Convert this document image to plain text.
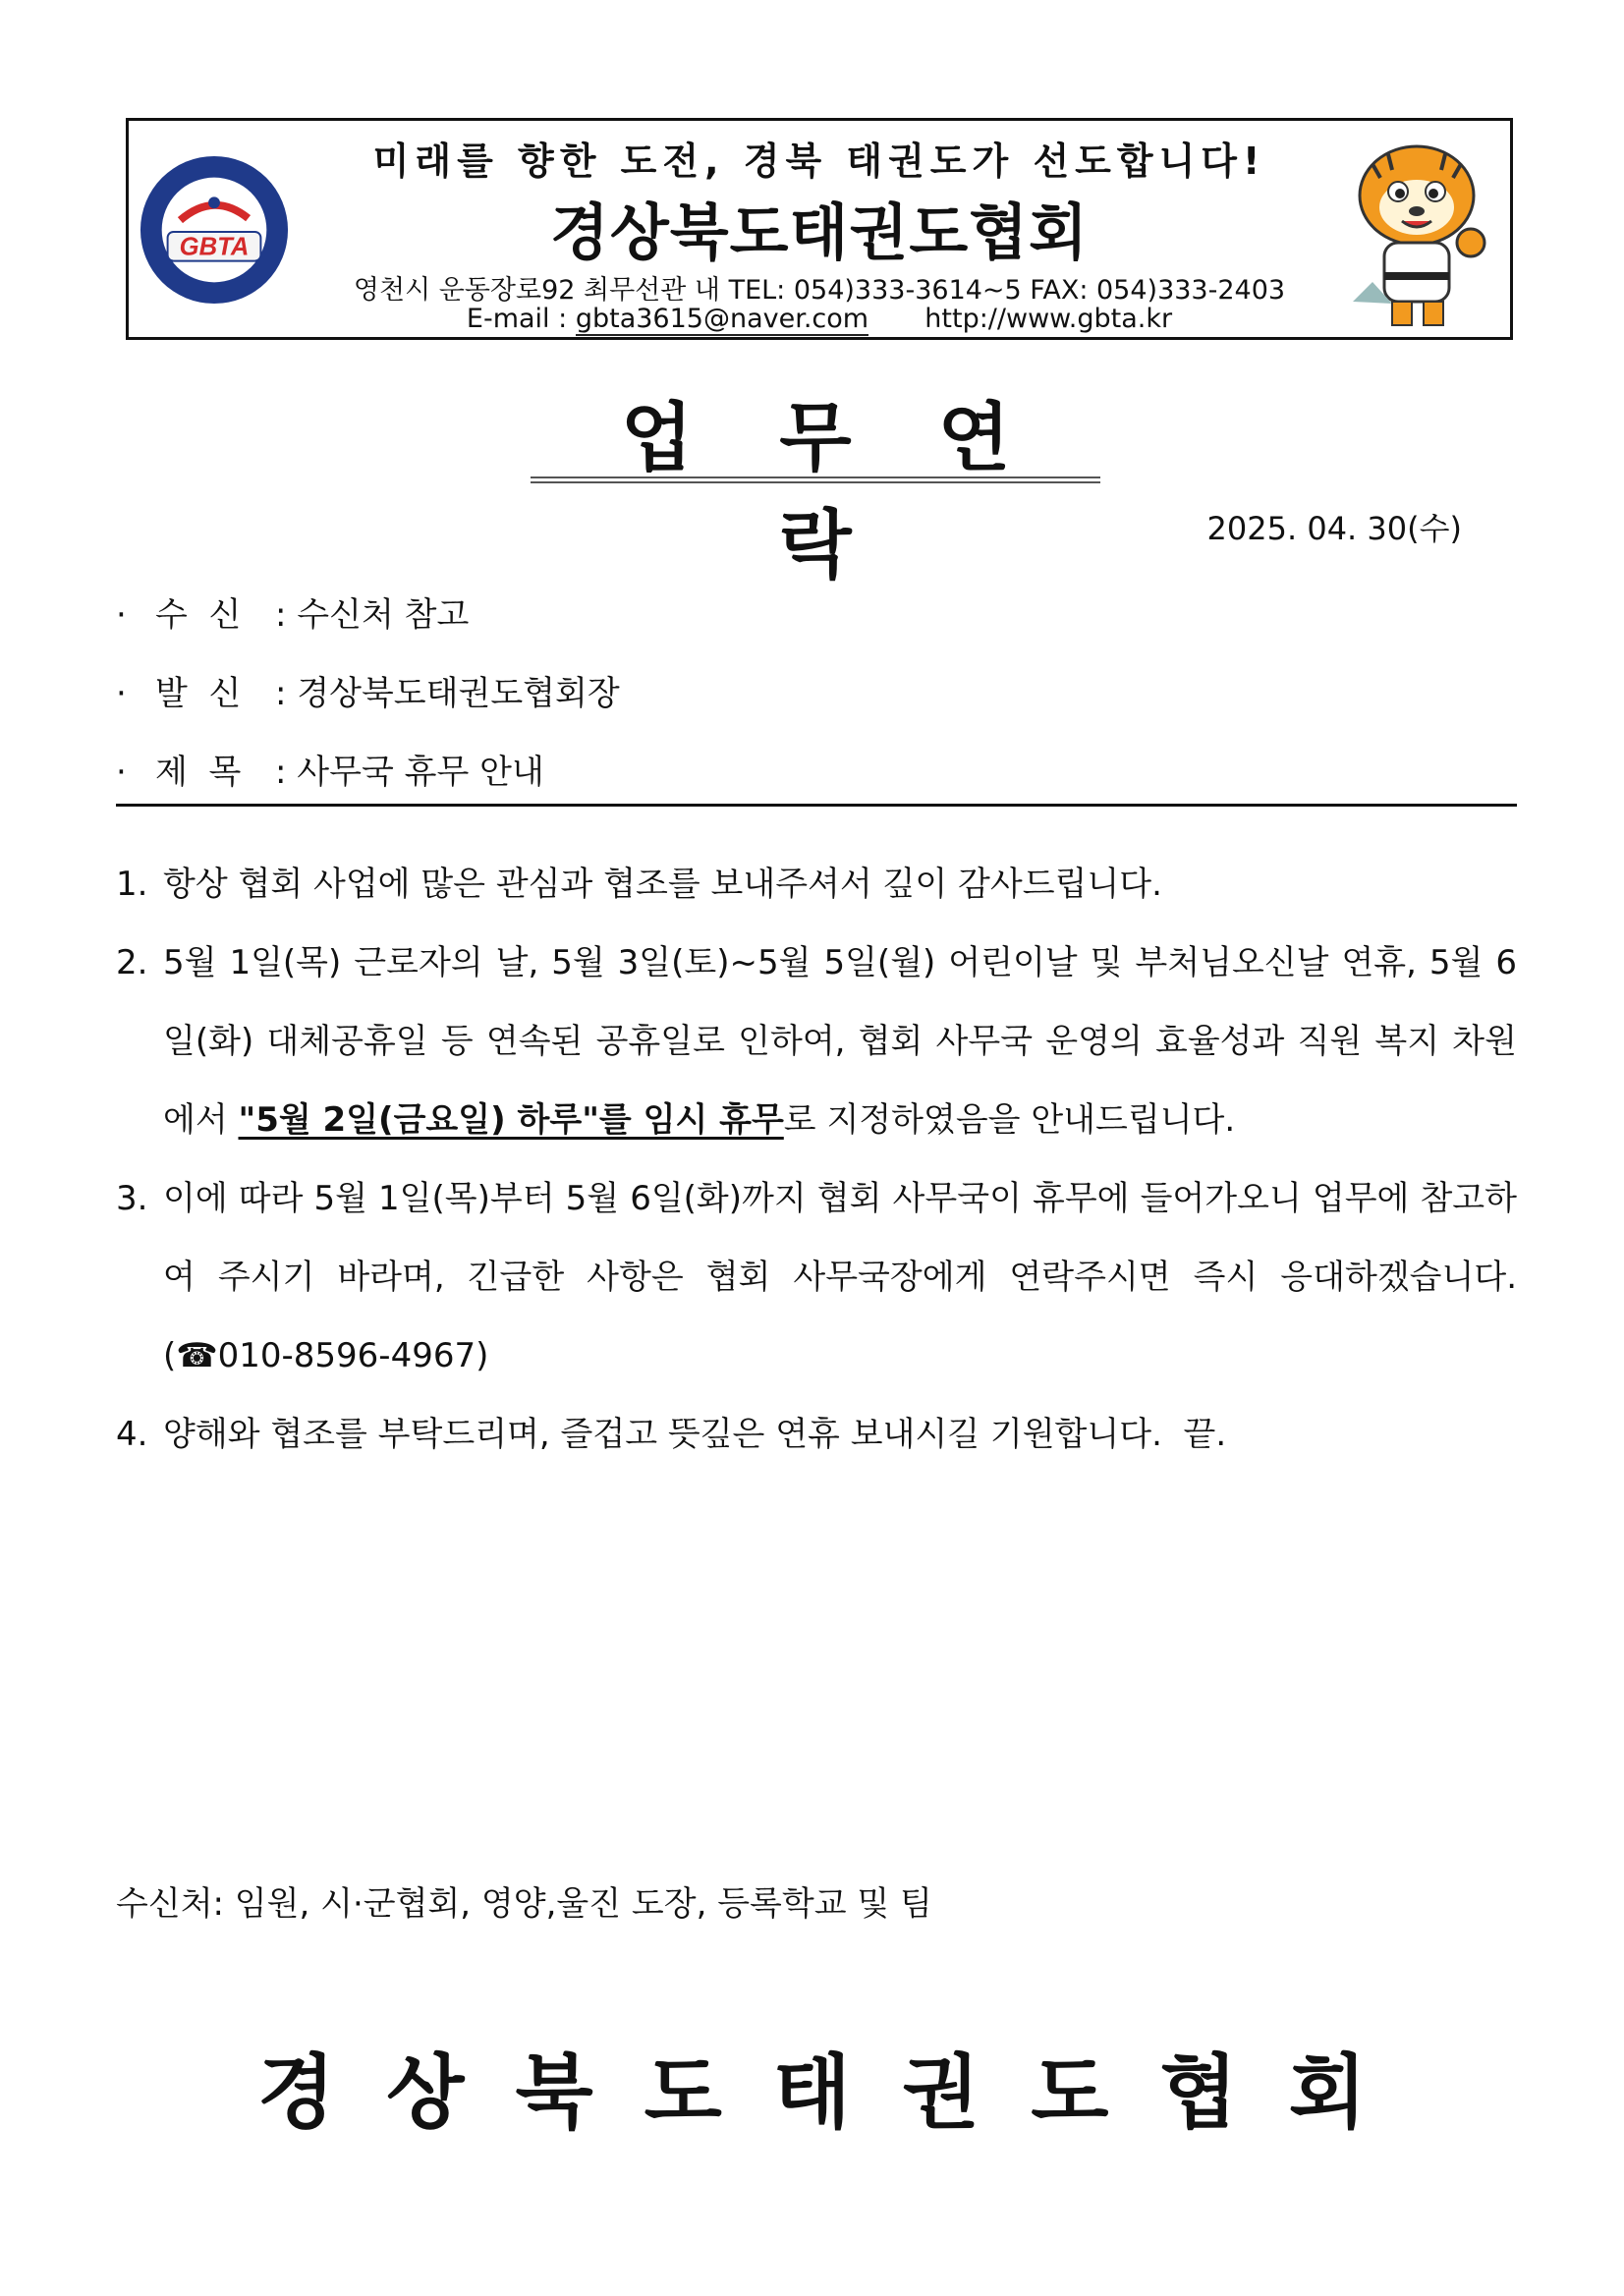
GBTA
미래를 향한 도전, 경북 태권도가 선도합니다!
경상북도태권도협회
영천시 운동장로92 최무선관 내 TEL: 054)333-3614~5 FAX: 054)333-2403
E-mail : gbta3615@naver.com http://www.gbta.kr
업무연락	2025. 04. 30(수)
· 수  신 : 수신처 참고
· 발  신 : 경상북도태권도협회장
· 제  목 : 사무국 휴무 안내
1. 항상 협회 사업에 많은 관심과 협조를 보내주셔서 깊이 감사드립니다.
2. 5월 1일(목) 근로자의 날, 5월 3일(토)~5월 5일(월) 어린이날 및 부처님오신날 연휴, 5월 6일(화) 대체공휴일 등 연속된 공휴일로 인하여, 협회 사무국 운영의 효율성과 직원 복지 차원에서 "5월 2일(금요일) 하루"를 임시 휴무로 지정하였음을 안내드립니다.
3. 이에 따라 5월 1일(목)부터 5월 6일(화)까지 협회 사무국이 휴무에 들어가오니 업무에 참고하여 주시기 바라며, 긴급한 사항은 협회 사무국장에게 연락주시면 즉시 응대하겠습니다. (☎010-8596-4967)
4. 양해와 협조를 부탁드리며, 즐겁고 뜻깊은 연휴 보내시길 기원합니다.  끝.
수신처: 임원, 시·군협회, 영양,울진 도장, 등록학교 및 팀
경상북도태권도협회
